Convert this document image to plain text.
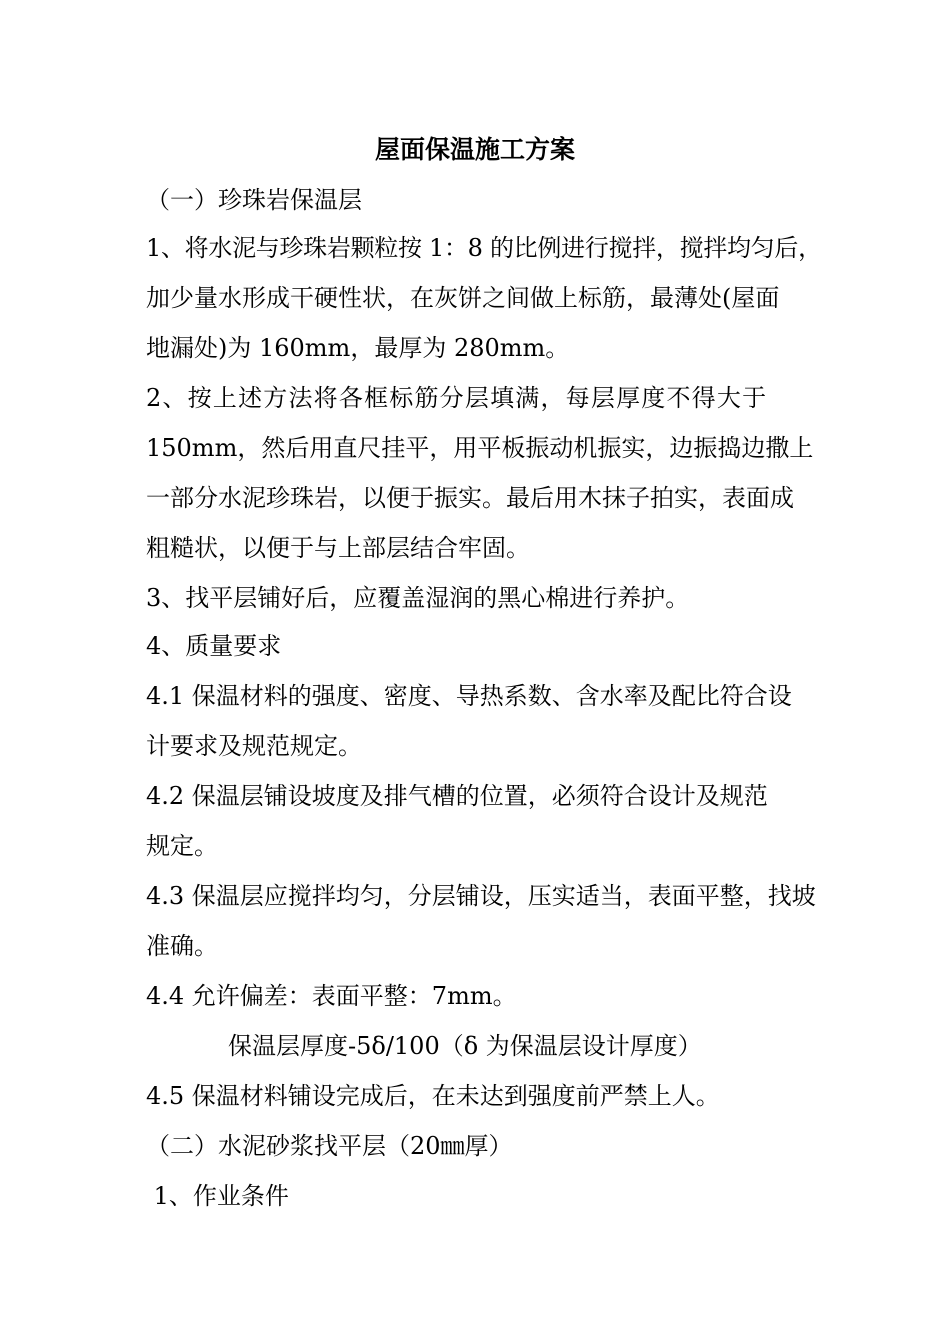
屋面保温施工方案

（一）珍珠岩保温层

1、将水泥与珍珠岩颗粒按 1：8 的比例进行搅拌，搅拌均匀后，

加少量水形成干硬性状，在灰饼之间做上标筋，最薄处(屋面

地漏处)为 160mm，最厚为 280mm。

2、按上述方法将各框标筋分层填满，每层厚度不得大于

150mm，然后用直尺挂平，用平板振动机振实，边振捣边撒上

一部分水泥珍珠岩，以便于振实。最后用木抹子拍实，表面成

粗糙状，以便于与上部层结合牢固。

3、找平层铺好后，应覆盖湿润的黑心棉进行养护。

4、质量要求

4.1 保温材料的强度、密度、导热系数、含水率及配比符合设

计要求及规范规定。

4.2 保温层铺设坡度及排气槽的位置，必须符合设计及规范

规定。

4.3 保温层应搅拌均匀，分层铺设，压实适当，表面平整，找坡

准确。

4.4 允许偏差：表面平整：7mm。

保温层厚度-5δ/100（δ 为保温层设计厚度）

4.5 保温材料铺设完成后，在未达到强度前严禁上人。

（二）水泥砂浆找平层（20㎜厚）

1、作业条件
